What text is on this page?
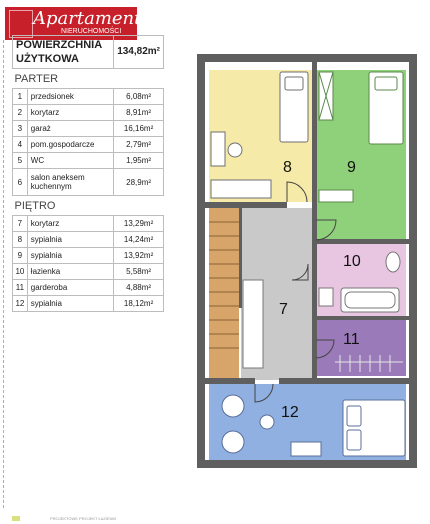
Apartament
NIERUCHOMOŚCI
POWIERZCHNIA UŻYTKOWA		134,82m²
PARTER		
1	przedsionek	6,08m²
2	korytarz	8,91m²
3	garaż	16,16m²
4	pom.gospodarcze	2,79m²
5	WC	1,95m²
6	salon aneksem kuchennym	28,9m²
PIĘTRO		
7	korytarz	13,29m²
8	sypialnia	14,24m²
9	sypialnia	13,92m²
10	łazienka	5,58m²
11	garderoba	4,88m²
12	sypialnia	18,12m²
8	9
10
11
7
12
PROJEKTOWE PROJEKT ŁAZIENKI
